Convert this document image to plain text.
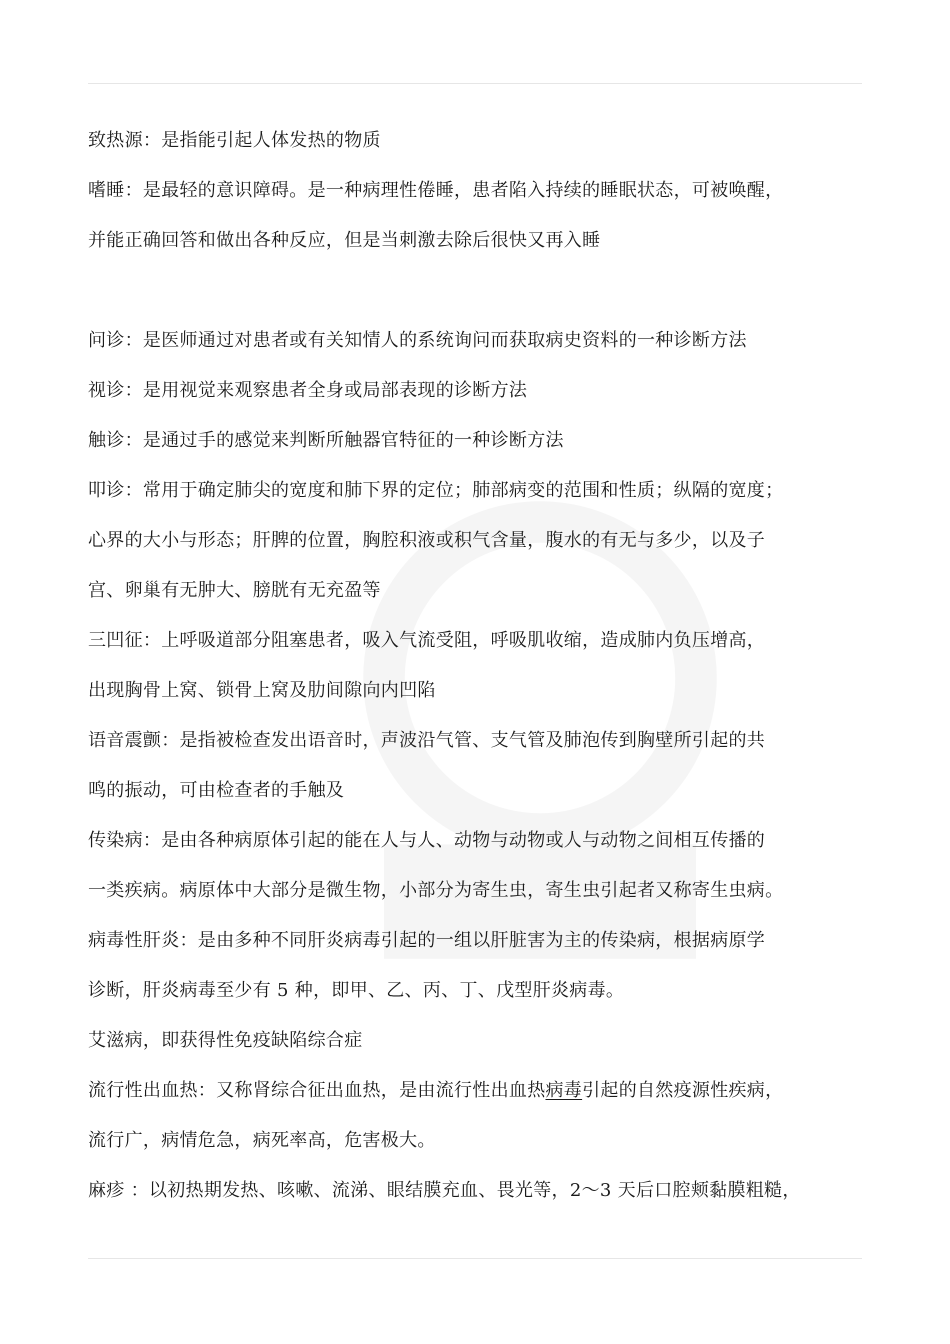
致热源：是指能引起人体发热的物质
嗜睡：是最轻的意识障碍。是一种病理性倦睡，患者陷入持续的睡眠状态，可被唤醒，
并能正确回答和做出各种反应，但是当刺激去除后很快又再入睡
问诊：是医师通过对患者或有关知情人的系统询问而获取病史资料的一种诊断方法
视诊：是用视觉来观察患者全身或局部表现的诊断方法
触诊：是通过手的感觉来判断所触器官特征的一种诊断方法
叩诊：常用于确定肺尖的宽度和肺下界的定位；肺部病变的范围和性质；纵隔的宽度；
心界的大小与形态；肝脾的位置，胸腔积液或积气含量，腹水的有无与多少，以及子
宫、卵巢有无肿大、膀胱有无充盈等
三凹征：上呼吸道部分阻塞患者，吸入气流受阻，呼吸肌收缩，造成肺内负压增高，
出现胸骨上窝、锁骨上窝及肋间隙向内凹陷
语音震颤：是指被检查发出语音时，声波沿气管、支气管及肺泡传到胸壁所引起的共
鸣的振动，可由检查者的手触及
传染病：是由各种病原体引起的能在人与人、动物与动物或人与动物之间相互传播的
一类疾病。病原体中大部分是微生物，小部分为寄生虫，寄生虫引起者又称寄生虫病。
病毒性肝炎：是由多种不同肝炎病毒引起的一组以肝脏害为主的传染病，根据病原学
诊断，肝炎病毒至少有 5 种，即甲、乙、丙、丁、戊型肝炎病毒。
艾滋病，即获得性免疫缺陷综合症
流行性出血热：又称肾综合征出血热，是由流行性出血热病毒引起的自然疫源性疾病，
流行广，病情危急，病死率高，危害极大。
麻疹 ：以初热期发热、咳嗽、流涕、眼结膜充血、畏光等，2～3 天后口腔颊黏膜粗糙，
